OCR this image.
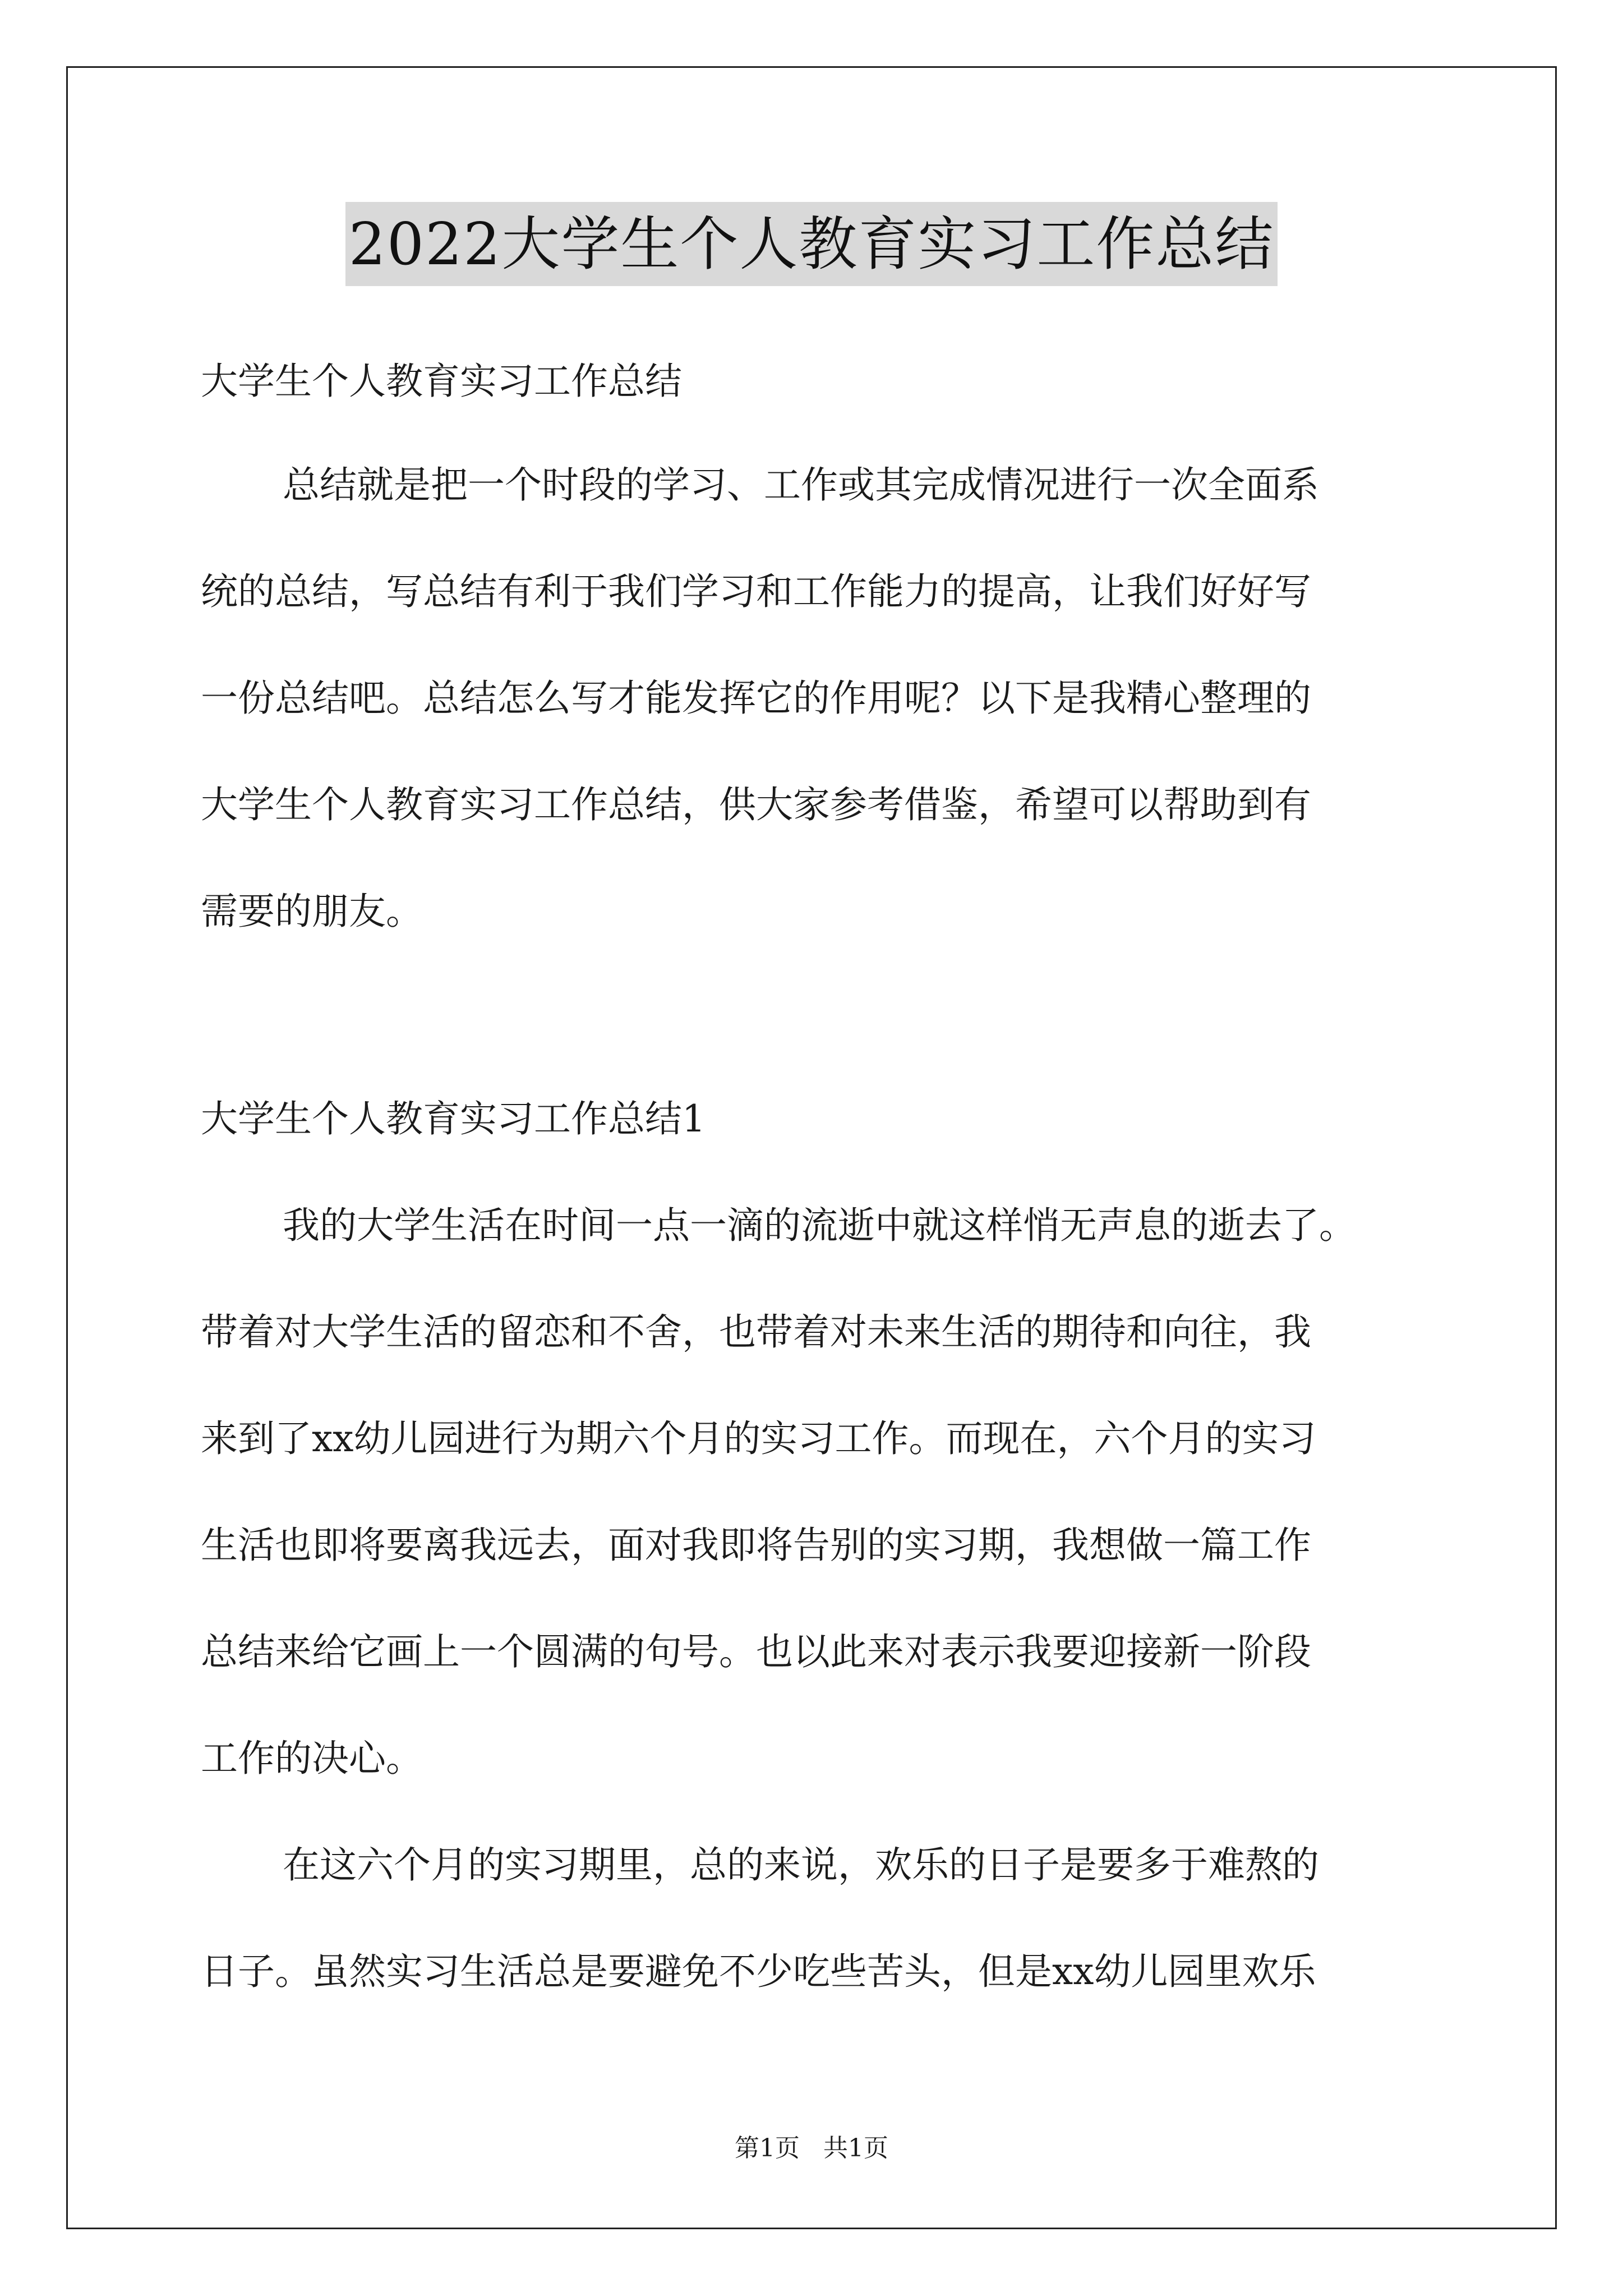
2022大学生个人教育实习工作总结
大学生个人教育实习工作总结
总结就是把一个时段的学习、工作或其完成情况进行一次全面系
统的总结，写总结有利于我们学习和工作能力的提高，让我们好好写
一份总结吧。总结怎么写才能发挥它的作用呢？以下是我精心整理的
大学生个人教育实习工作总结，供大家参考借鉴，希望可以帮助到有
需要的朋友。
大学生个人教育实习工作总结1
我的大学生活在时间一点一滴的流逝中就这样悄无声息的逝去了。
带着对大学生活的留恋和不舍，也带着对未来生活的期待和向往，我
来到了xx幼儿园进行为期六个月的实习工作。而现在，六个月的实习
生活也即将要离我远去，面对我即将告别的实习期，我想做一篇工作
总结来给它画上一个圆满的句号。也以此来对表示我要迎接新一阶段
工作的决心。
在这六个月的实习期里，总的来说，欢乐的日子是要多于难熬的
日子。虽然实习生活总是要避免不少吃些苦头，但是xx幼儿园里欢乐
第1页   共1页
